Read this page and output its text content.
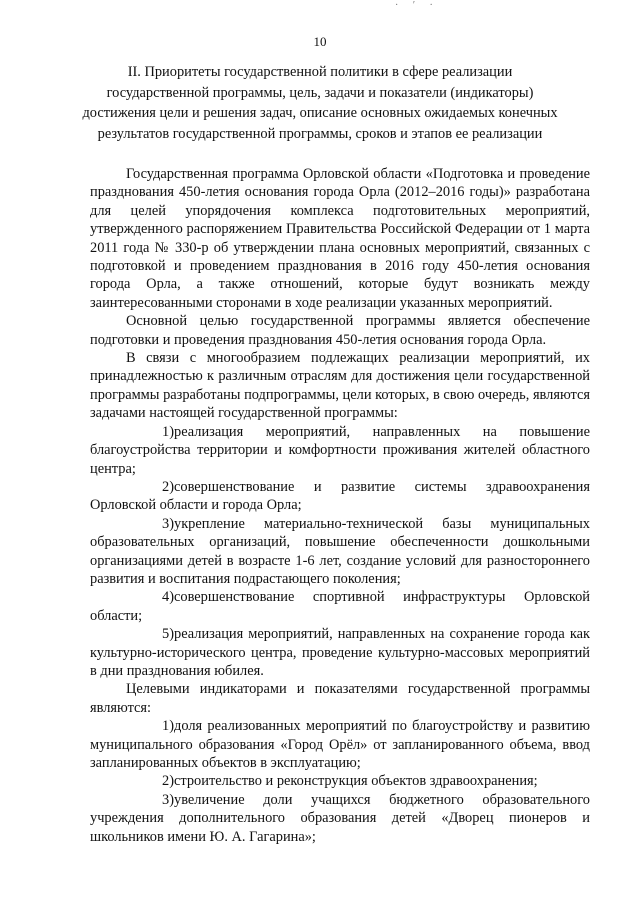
· ′ ·
10
II. Приоритеты государственной политики в сфере реализации государственной программы, цель, задачи и показатели (индикаторы) достижения цели и решения задач, описание основных ожидаемых конечных результатов государственной программы, сроков и этапов ее реализации

Государственная программа Орловской области «Подготовка и проведение празднования 450-летия основания города Орла (2012–2016 годы)» разработана для целей упорядочения комплекса подготовительных мероприятий, утвержденного распоряжением Правительства Российской Федерации от 1 марта 2011 года № 330-р об утверждении плана основных мероприятий, связанных с подготовкой и проведением празднования в 2016 году 450-летия основания города Орла, а также отношений, которые будут возникать между заинтересованными сторонами в ходе реализации указанных мероприятий.

Основной целью государственной программы является обеспечение подготовки и проведения празднования 450-летия основания города Орла.

В связи с многообразием подлежащих реализации мероприятий, их принадлежностью к различным отраслям для достижения цели государственной программы разработаны подпрограммы, цели которых, в свою очередь, являются задачами настоящей государственной программы:

1)реализация мероприятий, направленных на повышение благоустройства территории и комфортности проживания жителей областного центра;

2)совершенствование и развитие системы здравоохранения Орловской области и города Орла;

3)укрепление материально-технической базы муниципальных образовательных организаций, повышение обеспеченности дошкольными организациями детей в возрасте 1-6 лет, создание условий для разностороннего развития и воспитания подрастающего поколения;

4)совершенствование спортивной инфраструктуры Орловской области;

5)реализация мероприятий, направленных на сохранение города как культурно-исторического центра, проведение культурно-массовых мероприятий в дни празднования юбилея.

Целевыми индикаторами и показателями государственной программы являются:

1)доля реализованных мероприятий по благоустройству и развитию муниципального образования «Город Орёл» от запланированного объема, ввод запланированных объектов в эксплуатацию;

2)строительство и реконструкция объектов здравоохранения;

3)увеличение доли учащихся бюджетного образовательного учреждения дополнительного образования детей «Дворец пионеров и школьников имени Ю. А. Гагарина»;
